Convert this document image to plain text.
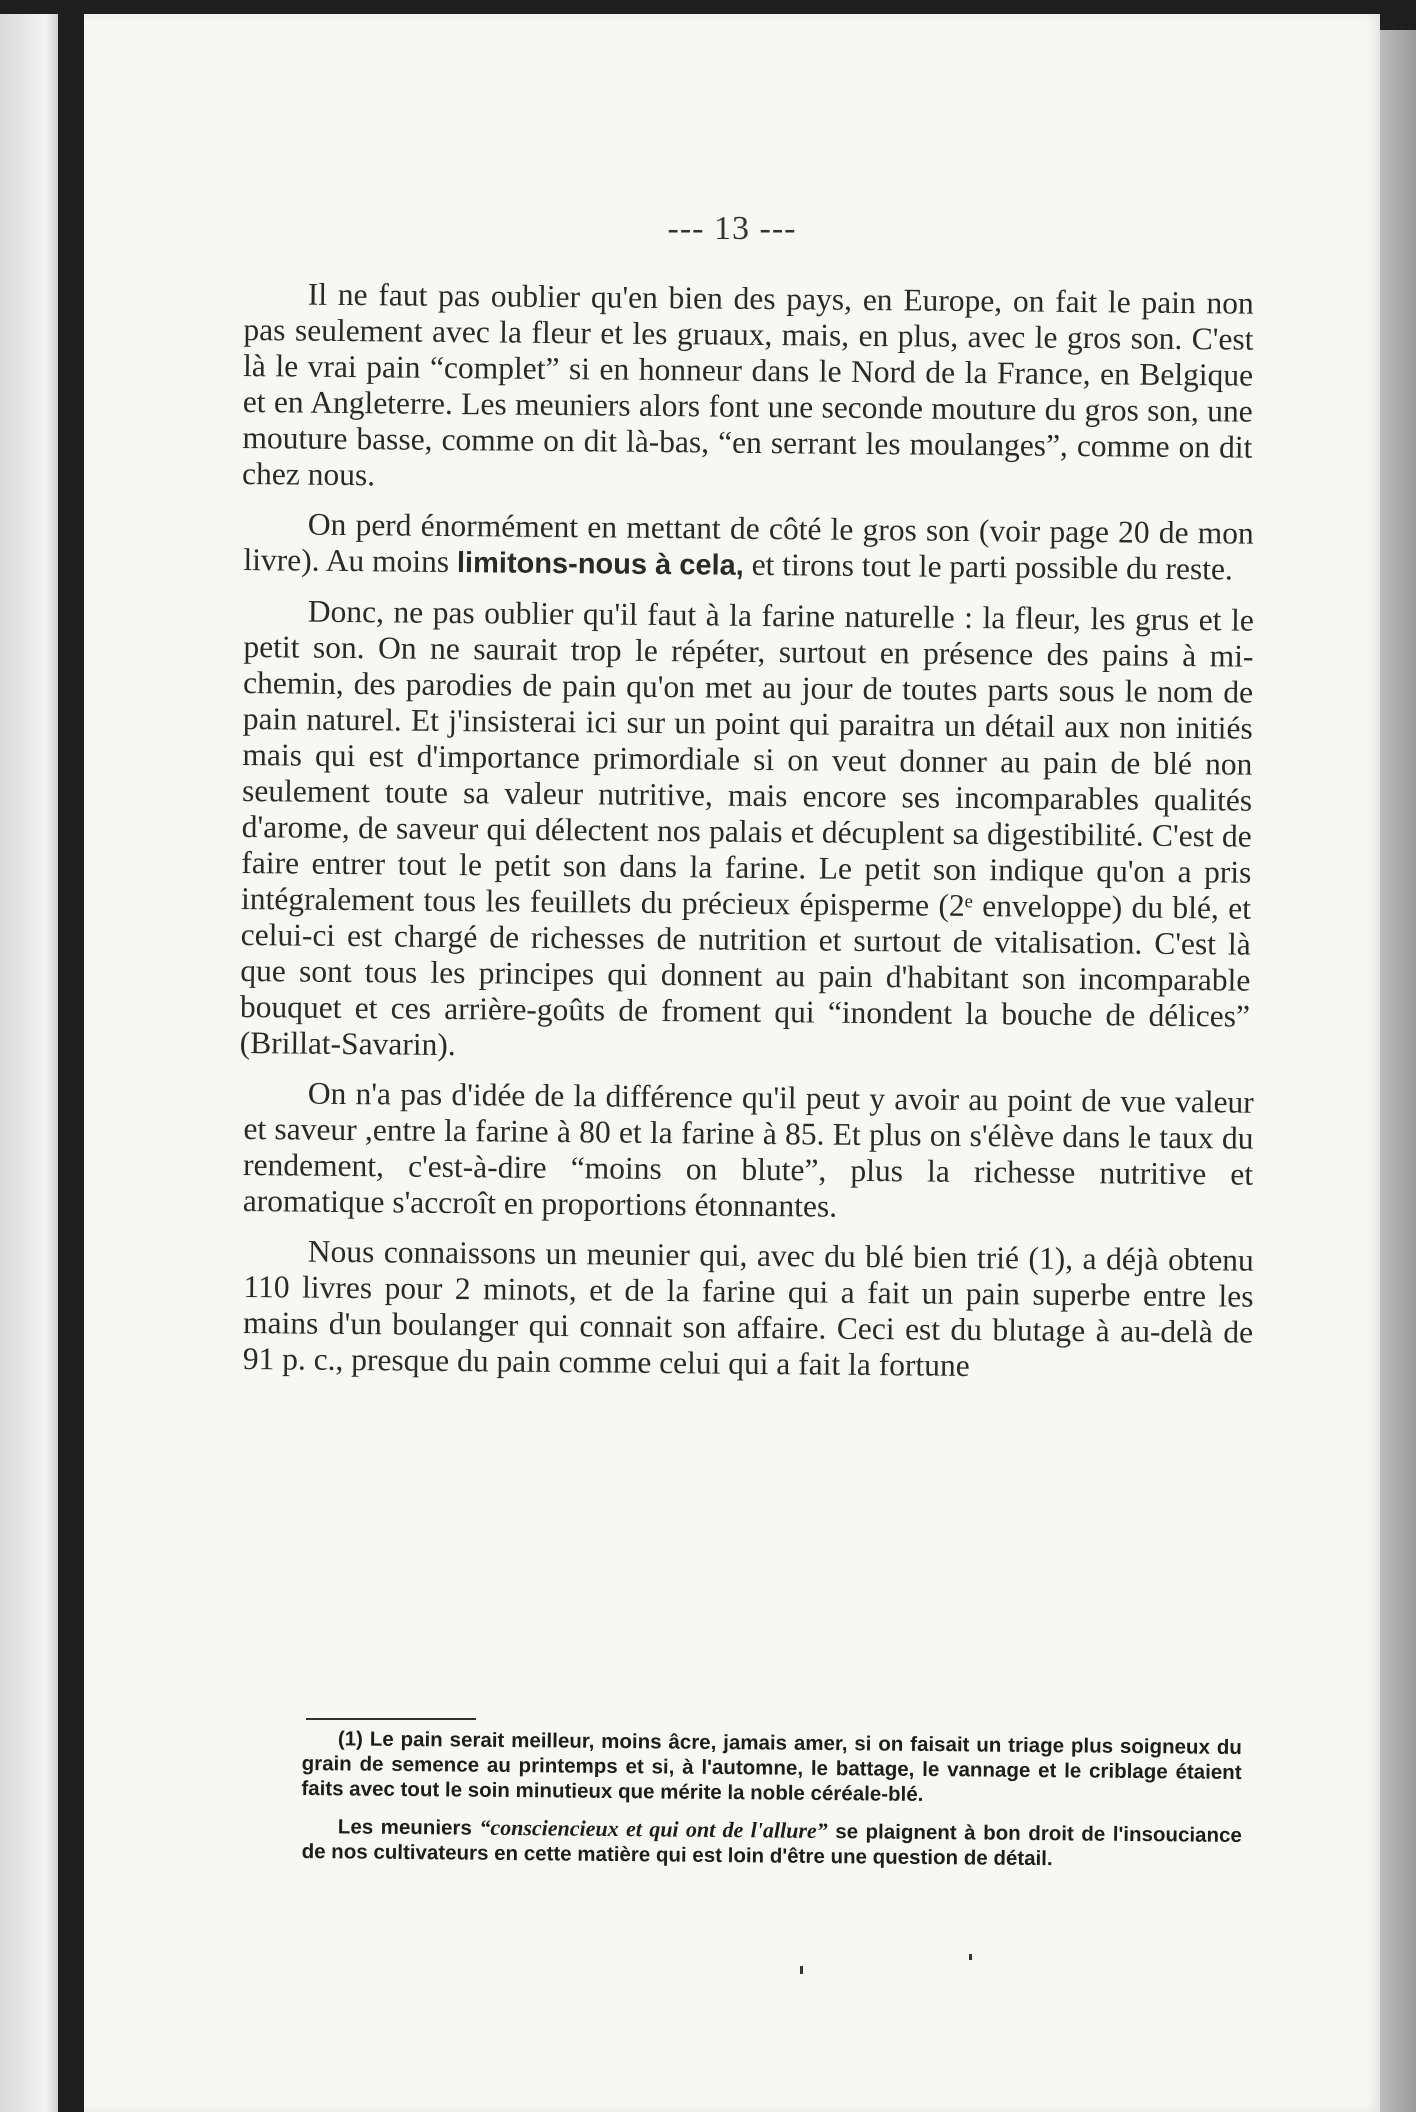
--- 13 ---

Il ne faut pas oublier qu'en bien des pays, en Europe, on fait le pain non pas seulement avec la fleur et les gruaux, mais, en plus, avec le gros son. C'est là le vrai pain “complet” si en honneur dans le Nord de la France, en Belgique et en Angleterre. Les meuniers alors font une seconde mouture du gros son, une mouture basse, comme on dit là-bas, “en serrant les moulanges”, comme on dit chez nous.

On perd énormément en mettant de côté le gros son (voir page 20 de mon livre). Au moins limitons-nous à cela, et tirons tout le parti possible du reste.

Donc, ne pas oublier qu'il faut à la farine naturelle : la fleur, les grus et le petit son. On ne saurait trop le répéter, surtout en présence des pains à mi-chemin, des parodies de pain qu'on met au jour de toutes parts sous le nom de pain naturel. Et j'insisterai ici sur un point qui paraitra un détail aux non initiés mais qui est d'importance primordiale si on veut donner au pain de blé non seulement toute sa valeur nutritive, mais encore ses incomparables qualités d'arome, de saveur qui délectent nos palais et décuplent sa digestibilité. C'est de faire entrer tout le petit son dans la farine. Le petit son indique qu'on a pris intégralement tous les feuillets du précieux épisperme (2ᵉ enveloppe) du blé, et celui-ci est chargé de richesses de nutrition et surtout de vitalisation. C'est là que sont tous les principes qui donnent au pain d'habitant son incomparable bouquet et ces arrière-goûts de froment qui “inondent la bouche de délices” (Brillat-Savarin).

On n'a pas d'idée de la différence qu'il peut y avoir au point de vue valeur et saveur ,entre la farine à 80 et la farine à 85. Et plus on s'élève dans le taux du rendement, c'est-à-dire “moins on blute”, plus la richesse nutritive et aromatique s'accroît en proportions étonnantes.

Nous connaissons un meunier qui, avec du blé bien trié (1), a déjà obtenu 110 livres pour 2 minots, et de la farine qui a fait un pain superbe entre les mains d'un boulanger qui connait son affaire. Ceci est du blutage à au-delà de 91 p. c., presque du pain comme celui qui a fait la fortune

(1) Le pain serait meilleur, moins âcre, jamais amer, si on faisait un triage plus soigneux du grain de semence au printemps et si, à l'automne, le battage, le vannage et le criblage étaient faits avec tout le soin minutieux que mérite la noble céréale-blé.

Les meuniers “consciencieux et qui ont de l'allure” se plaignent à bon droit de l'insouciance de nos cultivateurs en cette matière qui est loin d'être une question de détail.
